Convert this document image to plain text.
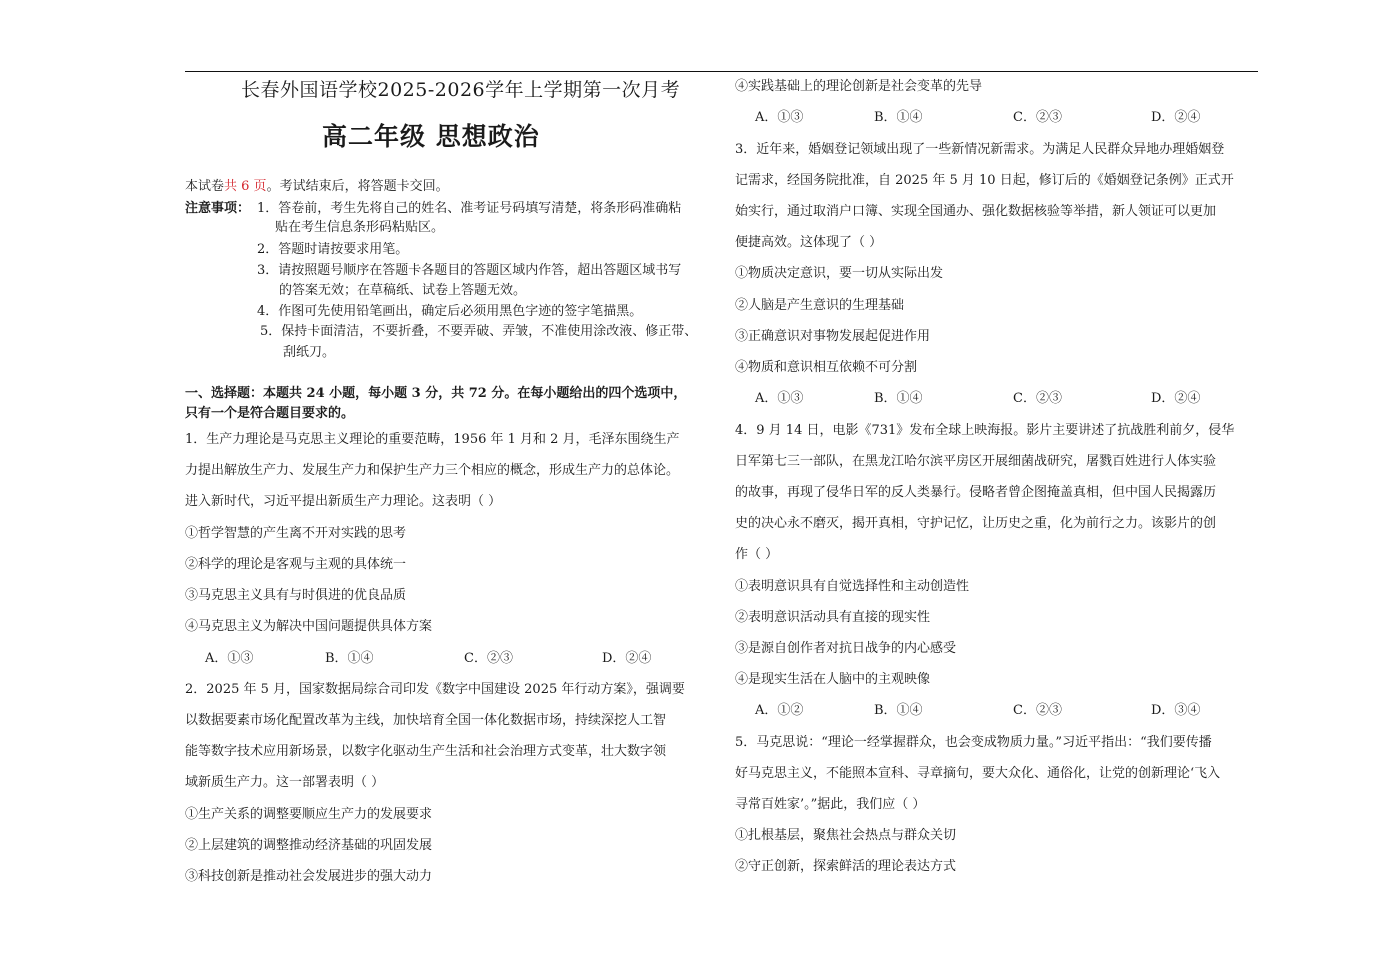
长春外国语学校2025-2026学年上学期第一次月考
高二年级 思想政治
本试卷共 6 页。考试结束后，将答题卡交回。
注意事项： 1．答卷前，考生先将自己的姓名、准考证号码填写清楚，将条形码准确粘
贴在考生信息条形码粘贴区。
2．答题时请按要求用笔。
3．请按照题号顺序在答题卡各题目的答题区域内作答，超出答题区域书写
的答案无效；在草稿纸、试卷上答题无效。
4．作图可先使用铅笔画出，确定后必须用黑色字迹的签字笔描黑。
5．保持卡面清洁，不要折叠，不要弄破、弄皱，不准使用涂改液、修正带、
刮纸刀。
一、选择题：本题共 24 小题，每小题 3 分，共 72 分。在每小题给出的四个选项中，
只有一个是符合题目要求的。
1．生产力理论是马克思主义理论的重要范畴，1956 年 1 月和 2 月，毛泽东围绕生产
力提出解放生产力、发展生产力和保护生产力三个相应的概念，形成生产力的总体论。
进入新时代，习近平提出新质生产力理论。这表明（ ）
①哲学智慧的产生离不开对实践的思考
②科学的理论是客观与主观的具体统一
③马克思主义具有与时俱进的优良品质
④马克思主义为解决中国问题提供具体方案
A．①③	B．①④	C．②③	D．②④
2．2025 年 5 月，国家数据局综合司印发《数字中国建设 2025 年行动方案》，强调要
以数据要素市场化配置改革为主线，加快培育全国一体化数据市场，持续深挖人工智
能等数字技术应用新场景，以数字化驱动生产生活和社会治理方式变革，壮大数字领
域新质生产力。这一部署表明（ ）
①生产关系的调整要顺应生产力的发展要求
②上层建筑的调整推动经济基础的巩固发展
③科技创新是推动社会发展进步的强大动力
④实践基础上的理论创新是社会变革的先导
A．①③	B．①④	C．②③	D．②④
3．近年来，婚姻登记领域出现了一些新情况新需求。为满足人民群众异地办理婚姻登
记需求，经国务院批准，自 2025 年 5 月 10 日起，修订后的《婚姻登记条例》正式开
始实行，通过取消户口簿、实现全国通办、强化数据核验等举措，新人领证可以更加
便捷高效。这体现了（ ）
①物质决定意识，要一切从实际出发
②人脑是产生意识的生理基础
③正确意识对事物发展起促进作用
④物质和意识相互依赖不可分割
A．①③	B．①④	C．②③	D．②④
4．9 月 14 日，电影《731》发布全球上映海报。影片主要讲述了抗战胜利前夕，侵华
日军第七三一部队，在黑龙江哈尔滨平房区开展细菌战研究，屠戮百姓进行人体实验
的故事，再现了侵华日军的反人类暴行。侵略者曾企图掩盖真相，但中国人民揭露历
史的决心永不磨灭，揭开真相，守护记忆，让历史之重，化为前行之力。该影片的创
作（ ）
①表明意识具有自觉选择性和主动创造性
②表明意识活动具有直接的现实性
③是源自创作者对抗日战争的内心感受
④是现实生活在人脑中的主观映像
A．①②	B．①④	C．②③	D．③④
5．马克思说：“理论一经掌握群众，也会变成物质力量。”习近平指出：“我们要传播
好马克思主义，不能照本宣科、寻章摘句，要大众化、通俗化，让党的创新理论‘飞入
寻常百姓家’。”据此，我们应（ ）
①扎根基层，聚焦社会热点与群众关切
②守正创新，探索鲜活的理论表达方式
